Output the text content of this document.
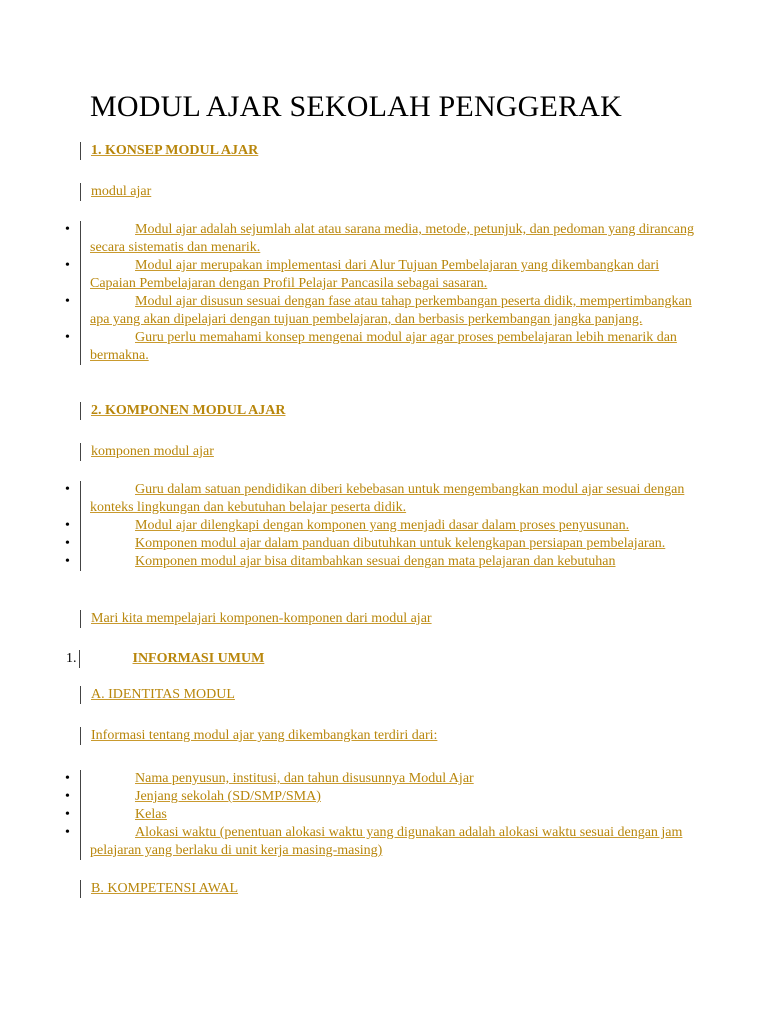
MODUL AJAR SEKOLAH PENGGERAK
1. KONSEP MODUL AJAR
modul ajar
•	Modul ajar adalah sejumlah alat atau sarana media, metode, petunjuk, dan pedoman yang dirancang secara sistematis dan menarik.
•	Modul ajar merupakan implementasi dari Alur Tujuan Pembelajaran yang dikembangkan dari Capaian Pembelajaran dengan Profil Pelajar Pancasila sebagai sasaran.
•	Modul ajar disusun sesuai dengan fase atau tahap perkembangan peserta didik, mempertimbangkan apa yang akan dipelajari dengan tujuan pembelajaran, dan berbasis perkembangan jangka panjang.
•	Guru perlu memahami konsep mengenai modul ajar agar proses pembelajaran lebih menarik dan bermakna.
2. KOMPONEN MODUL AJAR
komponen modul ajar
•	Guru dalam satuan pendidikan diberi kebebasan untuk mengembangkan modul ajar sesuai dengan konteks lingkungan dan kebutuhan belajar peserta didik.
•	Modul ajar dilengkapi dengan komponen yang menjadi dasar dalam proses penyusunan.
•	Komponen modul ajar dalam panduan dibutuhkan untuk kelengkapan persiapan pembelajaran.
•	Komponen modul ajar bisa ditambahkan sesuai dengan mata pelajaran dan kebutuhan
Mari kita mempelajari komponen-komponen dari modul ajar
1.	INFORMASI UMUM
A. IDENTITAS MODUL
Informasi tentang modul ajar yang dikembangkan terdiri dari:
•	Nama penyusun, institusi, dan tahun disusunnya Modul Ajar
•	Jenjang sekolah (SD/SMP/SMA)
•	Kelas
•	Alokasi waktu (penentuan alokasi waktu yang digunakan adalah alokasi waktu sesuai dengan jam pelajaran yang berlaku di unit kerja masing-masing)
B. KOMPETENSI AWAL
